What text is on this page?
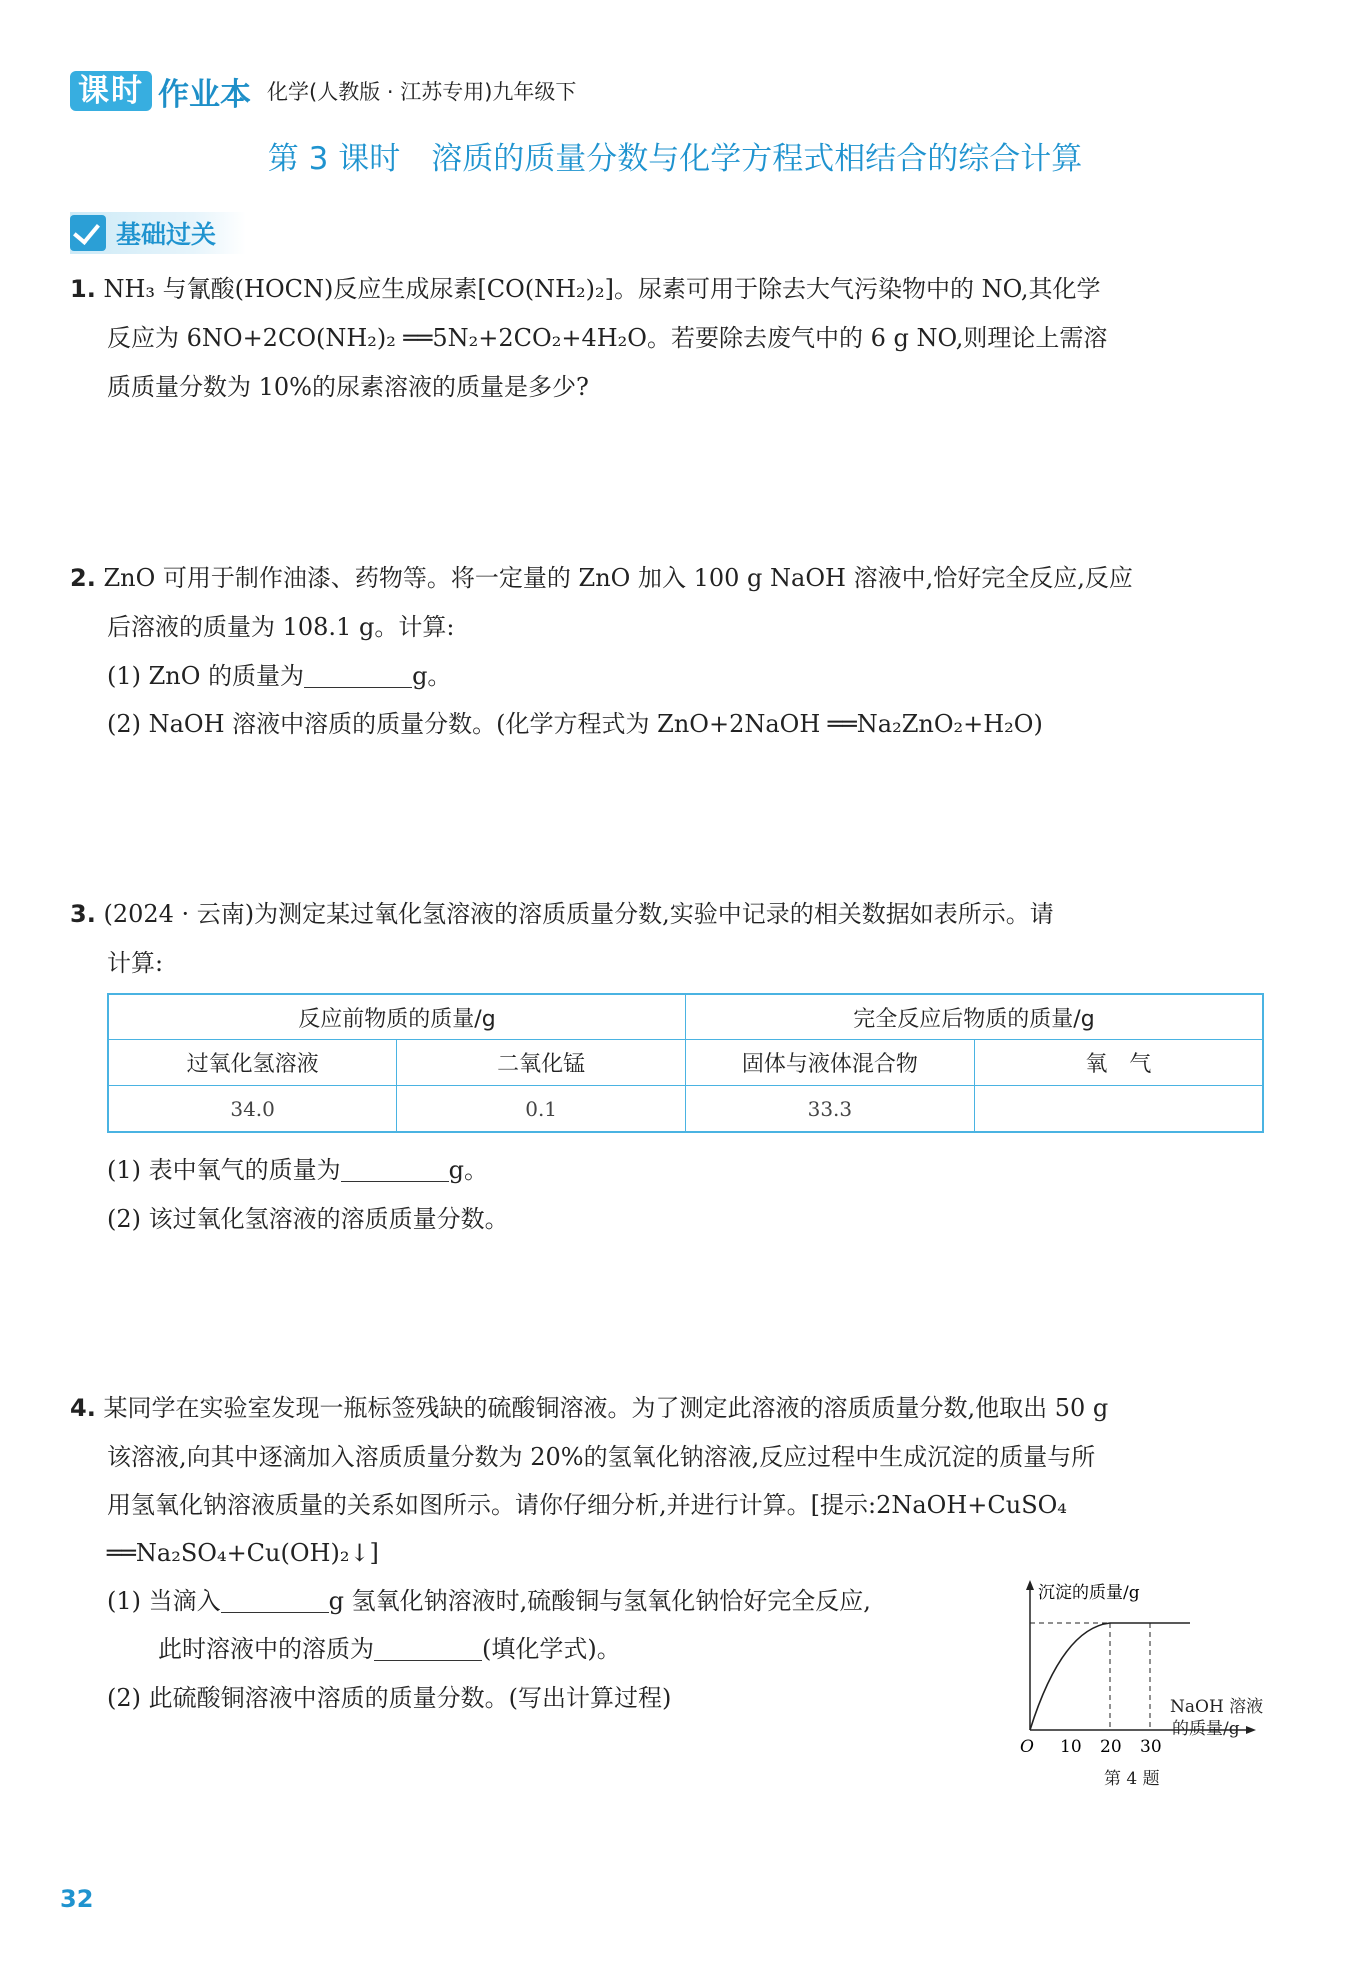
课时 作业本 化学(人教版 · 江苏专用)九年级下
第 3 课时　溶质的质量分数与化学方程式相结合的综合计算
基础过关
1. NH₃ 与氰酸(HOCN)反应生成尿素[CO(NH₂)₂]。尿素可用于除去大气污染物中的 NO,其化学
反应为 6NO+2CO(NH₂)₂ ══5N₂+2CO₂+4H₂O。若要除去废气中的 6 g NO,则理论上需溶
质质量分数为 10%的尿素溶液的质量是多少?
2. ZnO 可用于制作油漆、药物等。将一定量的 ZnO 加入 100 g NaOH 溶液中,恰好完全反应,反应
后溶液的质量为 108.1 g。计算:
(1) ZnO 的质量为	g。
(2) NaOH 溶液中溶质的质量分数。(化学方程式为 ZnO+2NaOH ══Na₂ZnO₂+H₂O)
3. (2024 · 云南)为测定某过氧化氢溶液的溶质质量分数,实验中记录的相关数据如表所示。请
计算:
反应前物质的质量/g		完全反应后物质的质量/g	
过氧化氢溶液	二氧化锰	固体与液体混合物	氧　气
34.0	0.1	33.3	
(1) 表中氧气的质量为	g。
(2) 该过氧化氢溶液的溶质质量分数。
4. 某同学在实验室发现一瓶标签残缺的硫酸铜溶液。为了测定此溶液的溶质质量分数,他取出 50 g
该溶液,向其中逐滴加入溶质质量分数为 20%的氢氧化钠溶液,反应过程中生成沉淀的质量与所
用氢氧化钠溶液质量的关系如图所示。请你仔细分析,并进行计算。[提示:2NaOH+CuSO₄
══Na₂SO₄+Cu(OH)₂↓]
(1) 当滴入	g 氢氧化钠溶液时,硫酸铜与氢氧化钠恰好完全反应,
此时溶液中的溶质为	(填化学式)。
(2) 此硫酸铜溶液中溶质的质量分数。(写出计算过程)
沉淀的质量/g
O 10 20 30
NaOH 溶液
的质量/g
第 4 题
32
